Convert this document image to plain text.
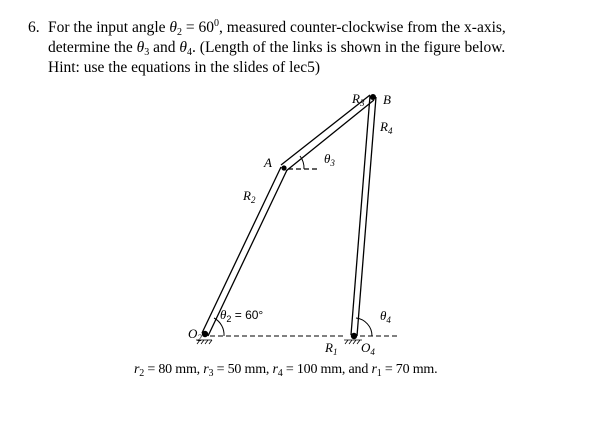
6. For the input angle $\theta_2 = 60^0$, measured counter-clockwise from the x-axis,
determine the $\theta_3$ and $\theta_4$. (Length of the links is shown in the figure below.
Hint: use the equations in the slides of lec5)
$R_3$ B
$R_4$
A	$\theta_3$
$R_2$
$\theta_2 = 60^\circ$	$\theta_4$
$O_2$
$R_1$ $O_4$
$r_2 = 80$ mm, $r_3 = 50$ mm, $r_4 = 100$ mm, and $r_1 = 70$ mm.
